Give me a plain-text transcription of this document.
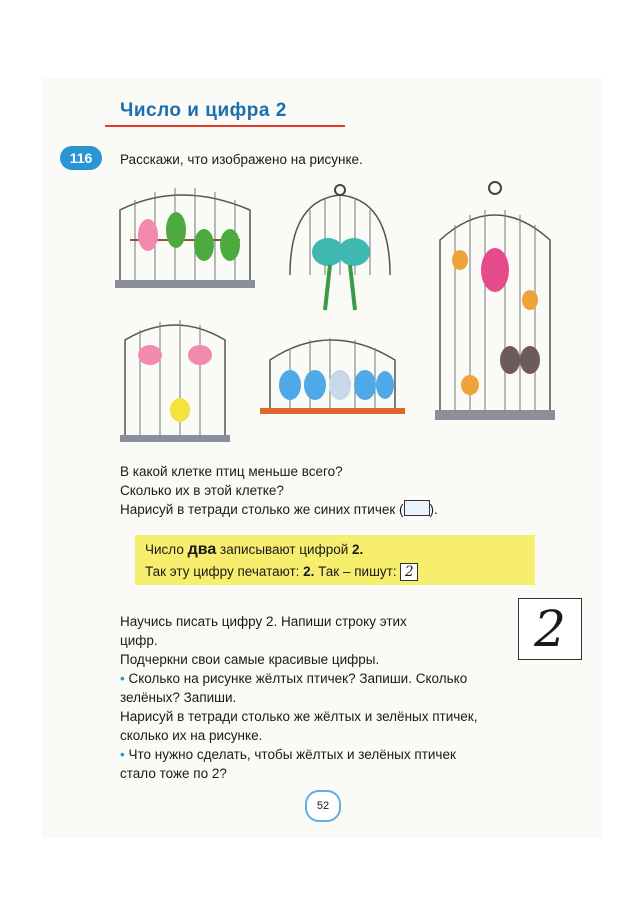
Число и цифра 2
116	Расскажи, что изображено на рисунке.
В какой клетке птиц меньше всего?
Сколько их в этой клетке?
Нарисуй в тетради столько же синих птичек ( ).
Число два записывают цифрой 2.
Так эту цифру печатают: 2. Так – пишут: 2
2
Научись писать цифру 2. Напиши строку этих
цифр.
Подчеркни свои самые красивые цифры.
• Сколько на рисунке жёлтых птичек? Запиши. Сколько
зелёных? Запиши.
Нарисуй в тетради столько же жёлтых и зелёных птичек,
сколько их на рисунке.
• Что нужно сделать, чтобы жёлтых и зелёных птичек
стало тоже по 2?
52
